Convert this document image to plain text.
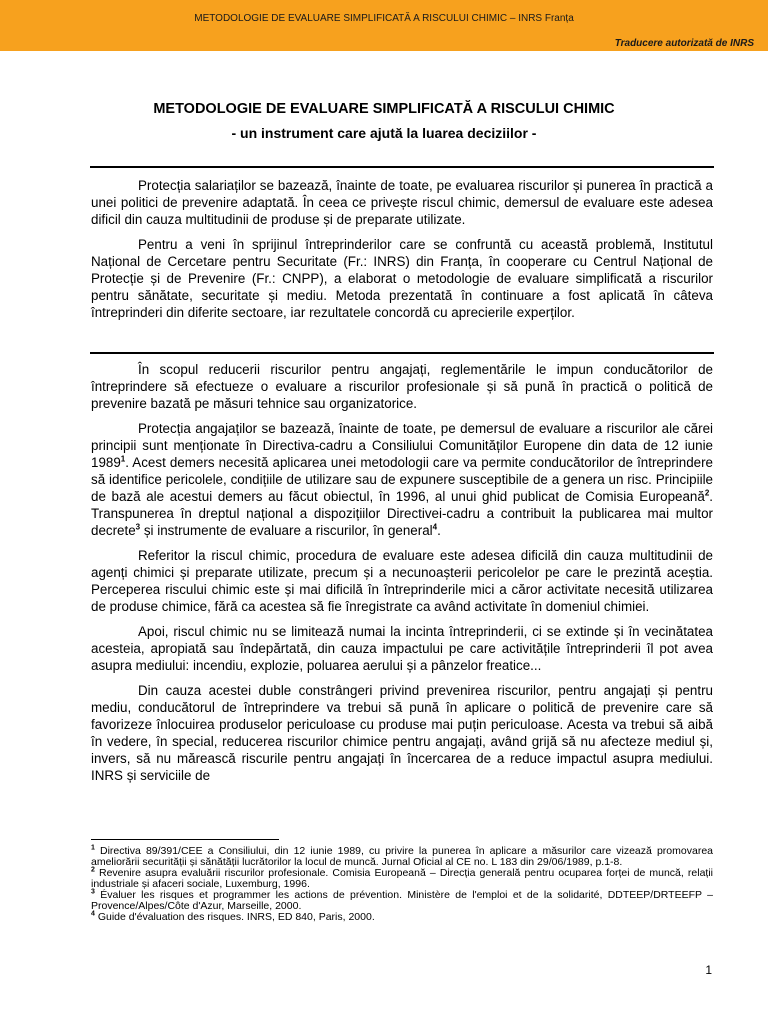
METODOLOGIE DE EVALUARE SIMPLIFICATĂ A RISCULUI CHIMIC – INRS Franța
Traducere autorizată de INRS
METODOLOGIE DE EVALUARE SIMPLIFICATĂ A RISCULUI CHIMIC
- un instrument care ajută la luarea deciziilor -

Protecția salariaților se bazează, înainte de toate, pe evaluarea riscurilor și punerea în practică a unei politici de prevenire adaptată. În ceea ce privește riscul chimic, demersul de evaluare este adesea dificil din cauza multitudinii de produse și de preparate utilizate.

Pentru a veni în sprijinul întreprinderilor care se confruntă cu această problemă, Institutul Național de Cercetare pentru Securitate (Fr.: INRS) din Franța, în cooperare cu Centrul Național de Protecție și de Prevenire (Fr.: CNPP), a elaborat o metodologie de evaluare simplificată a riscurilor pentru sănătate, securitate și mediu. Metoda prezentată în continuare a fost aplicată în câteva întreprinderi din diferite sectoare, iar rezultatele concordă cu aprecierile experților.

În scopul reducerii riscurilor pentru angajați, reglementările le impun conducătorilor de întreprindere să efectueze o evaluare a riscurilor profesionale și să pună în practică o politică de prevenire bazată pe măsuri tehnice sau organizatorice.

Protecția angajaților se bazează, înainte de toate, pe demersul de evaluare a riscurilor ale cărei principii sunt menționate în Directiva-cadru a Consiliului Comunităților Europene din data de 12 iunie 1989$^1$. Acest demers necesită aplicarea unei metodologii care va permite conducătorilor de întreprindere să identifice pericolele, condițiile de utilizare sau de expunere susceptibile de a genera un risc. Principiile de bază ale acestui demers au făcut obiectul, în 1996, al unui ghid publicat de Comisia Europeană$^2$. Transpunerea în dreptul național a dispozițiilor Directivei-cadru a contribuit la publicarea mai multor decrete$^3$ și instrumente de evaluare a riscurilor, în general$^4$.

Referitor la riscul chimic, procedura de evaluare este adesea dificilă din cauza multitudinii de agenți chimici și preparate utilizate, precum și a necunoașterii pericolelor pe care le prezintă aceștia. Perceperea riscului chimic este și mai dificilă în întreprinderile mici a căror activitate necesită utilizarea de produse chimice, fără ca acestea să fie înregistrate ca având activitate în domeniul chimiei.

Apoi, riscul chimic nu se limitează numai la incinta întreprinderii, ci se extinde și în vecinătatea acesteia, apropiată sau îndepărtată, din cauza impactului pe care activitățile întreprinderii îl pot avea asupra mediului: incendiu, explozie, poluarea aerului și a pânzelor freatice...

Din cauza acestei duble constrângeri privind prevenirea riscurilor, pentru angajați și pentru mediu, conducătorul de întreprindere va trebui să pună în aplicare o politică de prevenire care să favorizeze înlocuirea produselor periculoase cu produse mai puțin periculoase. Acesta va trebui să aibă în vedere, în special, reducerea riscurilor chimice pentru angajați, având grijă să nu afecteze mediul și, invers, să nu mărească riscurile pentru angajați în încercarea de a reduce impactul asupra mediului. INRS și serviciile de

$^1$ Directiva 89/391/CEE a Consiliului, din 12 iunie 1989, cu privire la punerea în aplicare a măsurilor care vizează promovarea ameliorării securității și sănătății lucrătorilor la locul de muncă. Jurnal Oficial al CE no. L 183 din 29/06/1989, p.1-8.

$^2$ Revenire asupra evaluării riscurilor profesionale. Comisia Europeană – Direcția generală pentru ocuparea forței de muncă, relații industriale și afaceri sociale, Luxemburg, 1996.

$^3$ Évaluer les risques et programmer les actions de prévention. Ministère de l'emploi et de la solidarité, DDTEEP/DRTEEFP – Provence/Alpes/Côte d'Azur, Marseille, 2000.

$^4$ Guide d'évaluation des risques. INRS, ED 840, Paris, 2000.

1
